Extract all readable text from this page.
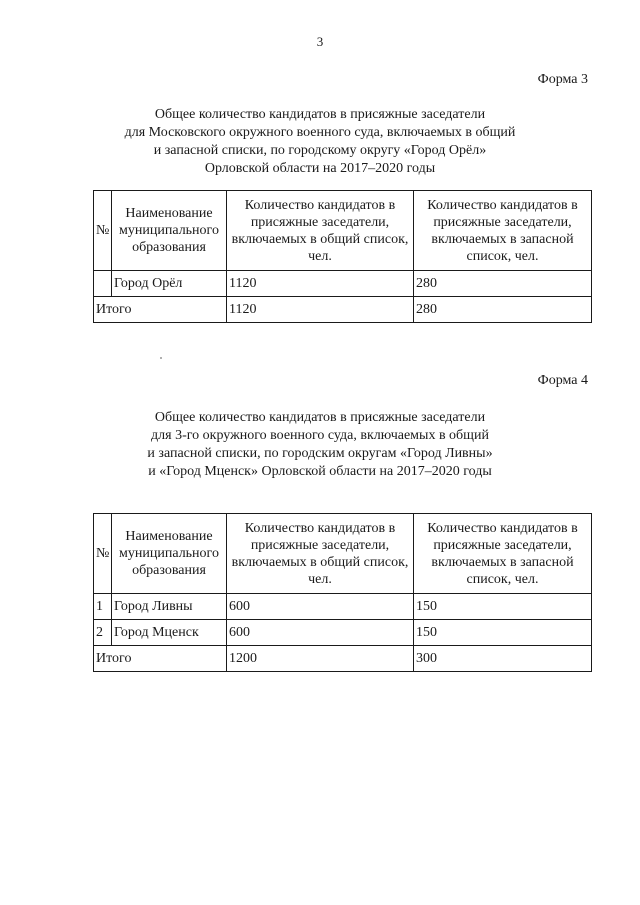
3
Форма 3
Общее количество кандидатов в присяжные заседатели
для Московского окружного военного суда, включаемых в общий
и запасной списки, по городскому округу «Город Орёл»
Орловской области на 2017–2020 годы
№	Наименование муниципального образования	Количество кандидатов в присяжные заседатели, включаемых в общий список, чел.	Количество кандидатов в присяжные заседатели, включаемых в запасной список, чел.
	Город Орёл	1120	280
Итого		1120	280
Форма 4
Общее количество кандидатов в присяжные заседатели
для 3-го окружного военного суда, включаемых в общий
и запасной списки, по городским округам «Город Ливны»
и «Город Мценск» Орловской области на 2017–2020 годы
№	Наименование муниципального образования	Количество кандидатов в присяжные заседатели, включаемых в общий список, чел.	Количество кандидатов в присяжные заседатели, включаемых в запасной список, чел.
1	Город Ливны	600	150
2	Город Мценск	600	150
Итого		1200	300
